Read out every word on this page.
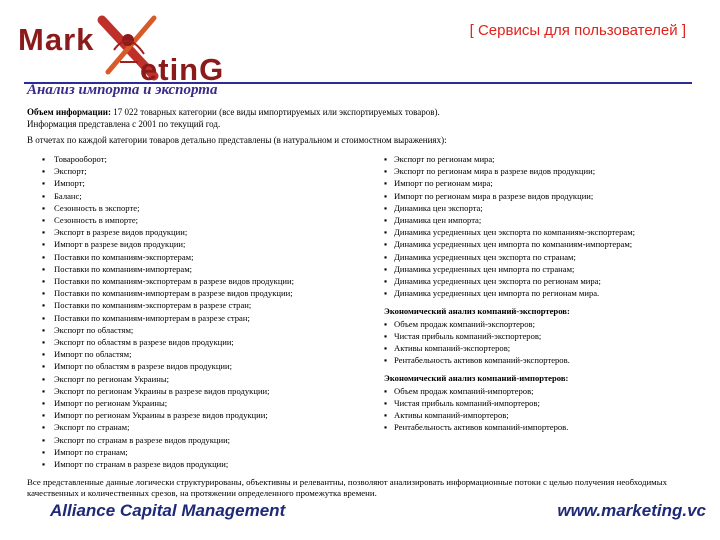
Mark
etinG
[ Сервисы для пользователей ]
Анализ импорта и экспорта
Объем информации: 17 022 товарных категории (все виды импортируемых или экспортируемых товаров).
Информация представлена с 2001 по текущий год.
В отчетах по каждой категории товаров детально представлены (в натуральном и стоимостном выражениях):
▪ Товарооборот;
▪ Экспорт;
▪ Импорт;
▪ Баланс;
▪ Сезонность в экспорте;
▪ Сезонность в импорте;
▪ Экспорт в разрезе видов продукции;
▪ Импорт в разрезе видов продукции;
▪ Поставки по компаниям-экспортерам;
▪ Поставки по компаниям-импортерам;
▪ Поставки по компаниям-экспортерам в разрезе видов продукции;
▪ Поставки по компаниям-импортерам в разрезе видов продукции;
▪ Поставки по компаниям-экспортерам в разрезе стран;
▪ Поставки по компаниям-импортерам в разрезе стран;
▪ Экспорт по областям;
▪ Экспорт по областям в разрезе видов продукции;
▪ Импорт по областям;
▪ Импорт по областям в разрезе видов продукции;
▪ Экспорт по регионам Украины;
▪ Экспорт по регионам Украины в разрезе видов продукции;
▪ Импорт по регионам Украины;
▪ Импорт по регионам Украины в разрезе видов продукции;
▪ Экспорт по странам;
▪ Экспорт по странам в разрезе видов продукции;
▪ Импорт по странам;
▪ Импорт по странам в разрезе видов продукции;
▪ Экспорт по регионам мира;
▪ Экспорт по регионам мира в разрезе видов продукции;
▪ Импорт по регионам мира;
▪ Импорт по регионам мира в разрезе видов продукции;
▪ Динамика цен экспорта;
▪ Динамика цен импорта;
▪ Динамика усредненных цен экспорта по компаниям-экспортерам;
▪ Динамика усредненных цен импорта по компаниям-импортерам;
▪ Динамика усредненных цен экспорта по странам;
▪ Динамика усредненных цен импорта по странам;
▪ Динамика усредненных цен экспорта по регионам мира;
▪ Динамика усредненных цен импорта по регионам мира.
Экономический анализ компаний-экспортеров:
▪ Объем продаж компаний-экспортеров;
▪ Чистая прибыль компаний-экспортеров;
▪ Активы компаний-экспортеров;
▪ Рентабельность активов компаний-экспортеров.
Экономический анализ компаний-импортеров:
▪ Объем продаж компаний-импортеров;
▪ Чистая прибыль компаний-импортеров;
▪ Активы компаний-импортеров;
▪ Рентабельность активов компаний-импортеров.
Все представленные данные логически структурированы, объективны и релевантны, позволяют анализировать информационные потоки с целью получения необходимых качественных и количественных срезов, на протяжении определенного промежутка времени.
Alliance Capital Management	www.marketing.vc
